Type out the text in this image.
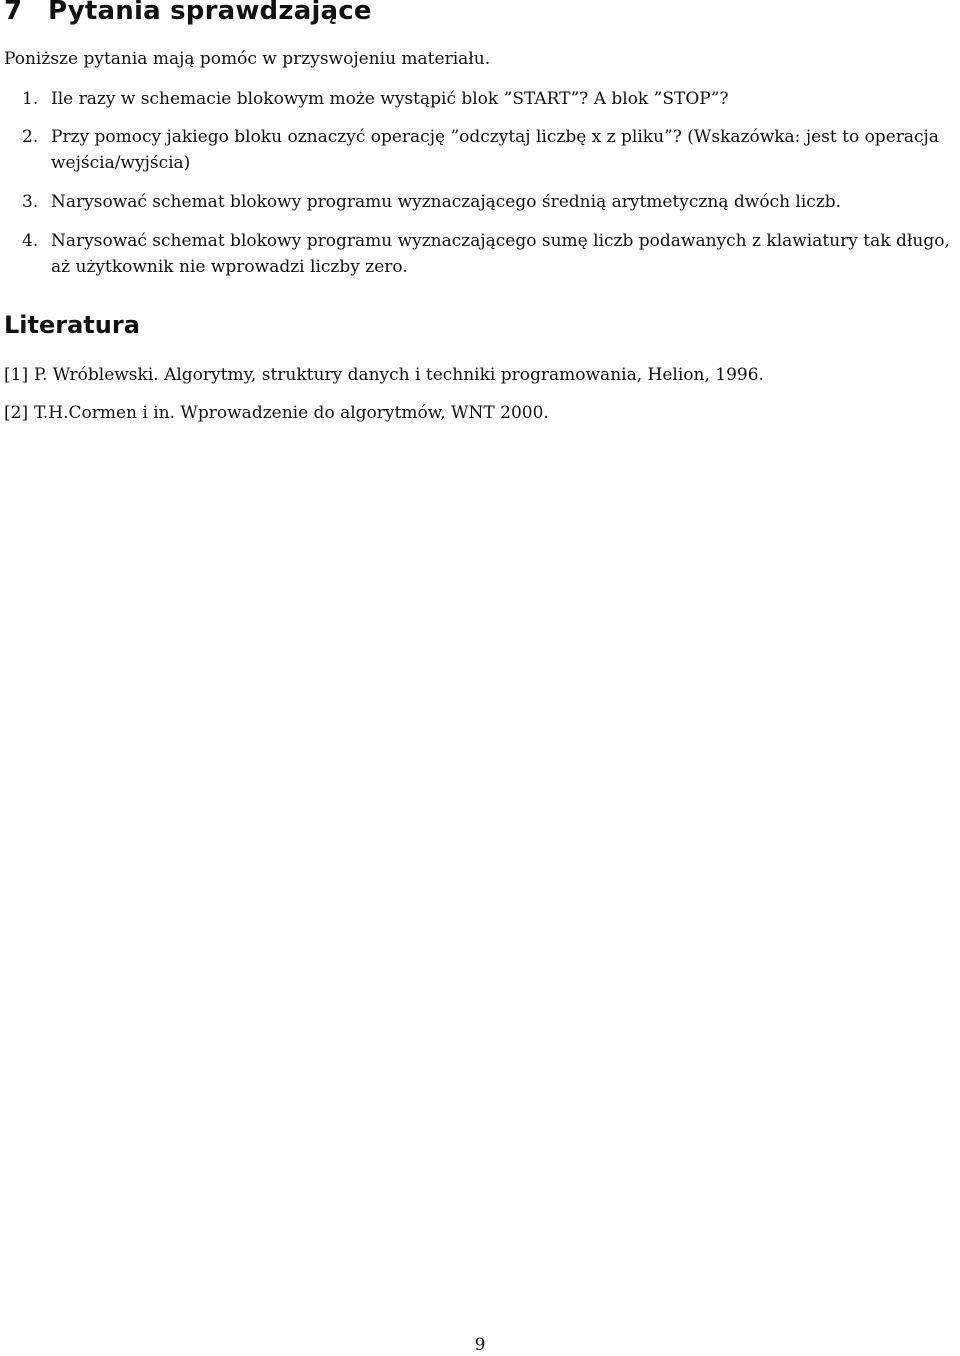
7 Pytania sprawdzające

Poniższe pytania mają pomóc w przyswojeniu materiału.

1. Ile razy w schemacie blokowym może wystąpić blok ”START”? A blok ”STOP”?
2. Przy pomocy jakiego bloku oznaczyć operację ”odczytaj liczbę x z pliku”? (Wskazówka: jest to operacja
wejścia/wyjścia)
3. Narysować schemat blokowy programu wyznaczającego średnią arytmetyczną dwóch liczb.
4. Narysować schemat blokowy programu wyznaczającego sumę liczb podawanych z klawiatury tak długo,
aż użytkownik nie wprowadzi liczby zero.
Literatura
[1] P. Wróblewski. Algorytmy, struktury danych i techniki programowania, Helion, 1996.
[2] T.H.Cormen i in. Wprowadzenie do algorytmów, WNT 2000.
9
